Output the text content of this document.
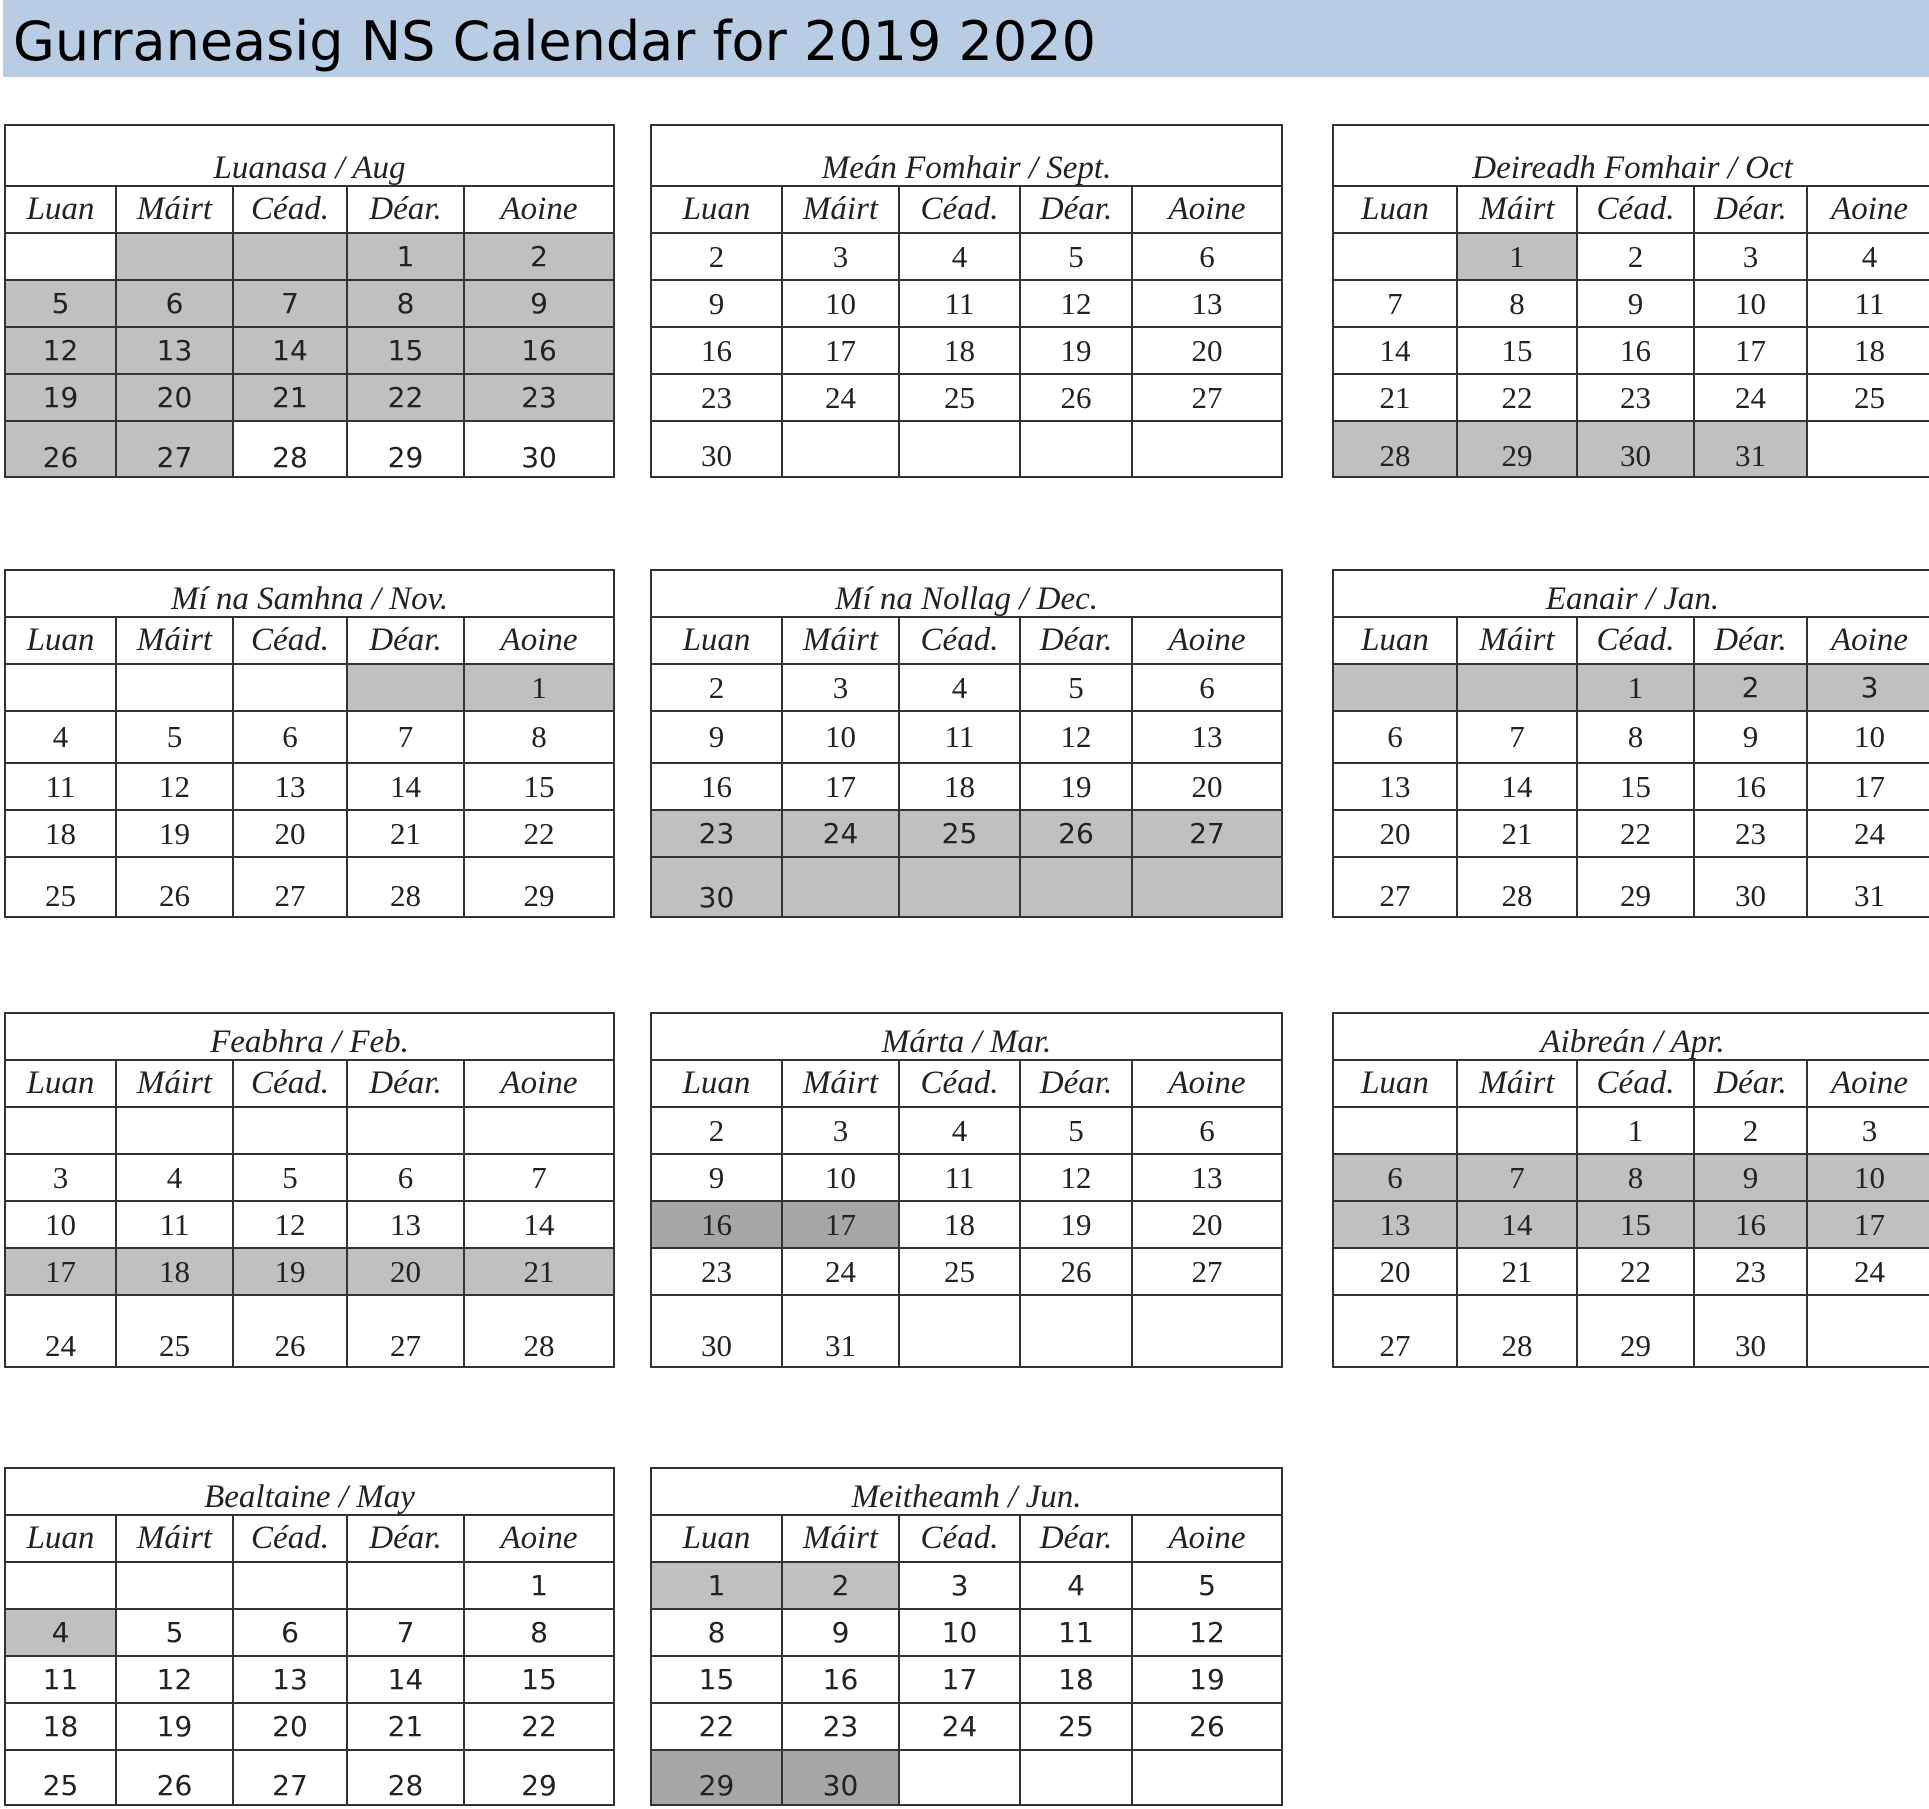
Gurraneasig NS Calendar for 2019 2020
Luanasa / Aug				
Luan	Máirt	Céad.	Déar.	Aoine
			1	2
5	6	7	8	9
12	13	14	15	16
19	20	21	22	23
26	27	28	29	30
Meán Fomhair / Sept.				
Luan	Máirt	Céad.	Déar.	Aoine
2	3	4	5	6
9	10	11	12	13
16	17	18	19	20
23	24	25	26	27
30				
Deireadh Fomhair / Oct				
Luan	Máirt	Céad.	Déar.	Aoine
	1	2	3	4
7	8	9	10	11
14	15	16	17	18
21	22	23	24	25
28	29	30	31	
Mí na Samhna / Nov.				
Luan	Máirt	Céad.	Déar.	Aoine
				1
4	5	6	7	8
11	12	13	14	15
18	19	20	21	22
25	26	27	28	29
Mí na Nollag / Dec.				
Luan	Máirt	Céad.	Déar.	Aoine
2	3	4	5	6
9	10	11	12	13
16	17	18	19	20
23	24	25	26	27
30				
Eanair / Jan.				
Luan	Máirt	Céad.	Déar.	Aoine
		1	2	3
6	7	8	9	10
13	14	15	16	17
20	21	22	23	24
27	28	29	30	31
Feabhra / Feb.				
Luan	Máirt	Céad.	Déar.	Aoine

3	4	5	6	7
10	11	12	13	14
17	18	19	20	21
24	25	26	27	28
Márta / Mar.				
Luan	Máirt	Céad.	Déar.	Aoine
2	3	4	5	6
9	10	11	12	13
16	17	18	19	20
23	24	25	26	27
30	31			
Aibreán / Apr.				
Luan	Máirt	Céad.	Déar.	Aoine
		1	2	3
6	7	8	9	10
13	14	15	16	17
20	21	22	23	24
27	28	29	30	
Bealtaine / May				
Luan	Máirt	Céad.	Déar.	Aoine
				1
4	5	6	7	8
11	12	13	14	15
18	19	20	21	22
25	26	27	28	29
Meitheamh / Jun.				
Luan	Máirt	Céad.	Déar.	Aoine
1	2	3	4	5
8	9	10	11	12
15	16	17	18	19
22	23	24	25	26
29	30			
